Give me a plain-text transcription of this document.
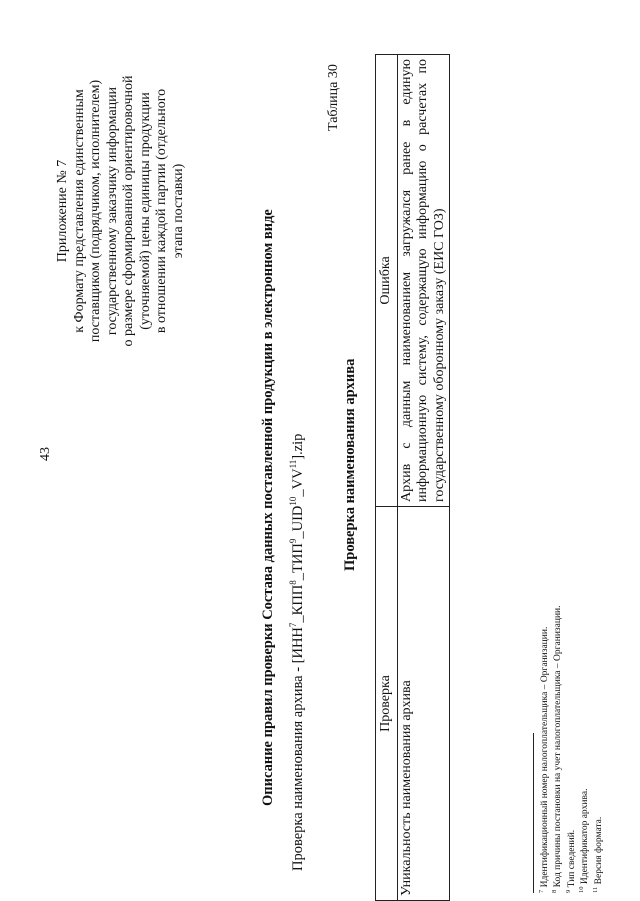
43
Приложение № 7 к Формату представления единственным поставщиком (подрядчиком, исполнителем) государственному заказчику информации о размере сформированной ориентировочной (уточняемой) цены единицы продукции в отношении каждой партии (отдельного этапа поставки)
Таблица 30
Описание правил проверки Состава данных поставленной продукции в электронном виде Проверка наименования архива - [ИНН$^7$_КПП$^8$_ТИП$^9$_UID$^{10}$_VV$^{11}$].zip Проверка наименования архива
Проверка	Ошибка
Уникальность наименования архива	Архив с данным наименованием загружался ранее в единую информационную систему, содержащую информацию о расчетах по государственному оборонному заказу (ЕИС ГОЗ)
$^7$ Идентификационный номер налогоплательщика – Организации.
$^8$ Код причины постановки на учет налогоплательщика – Организации.
$^9$ Тип сведений.
$^{10}$ Идентификатор архива.
$^{11}$ Версия формата.
